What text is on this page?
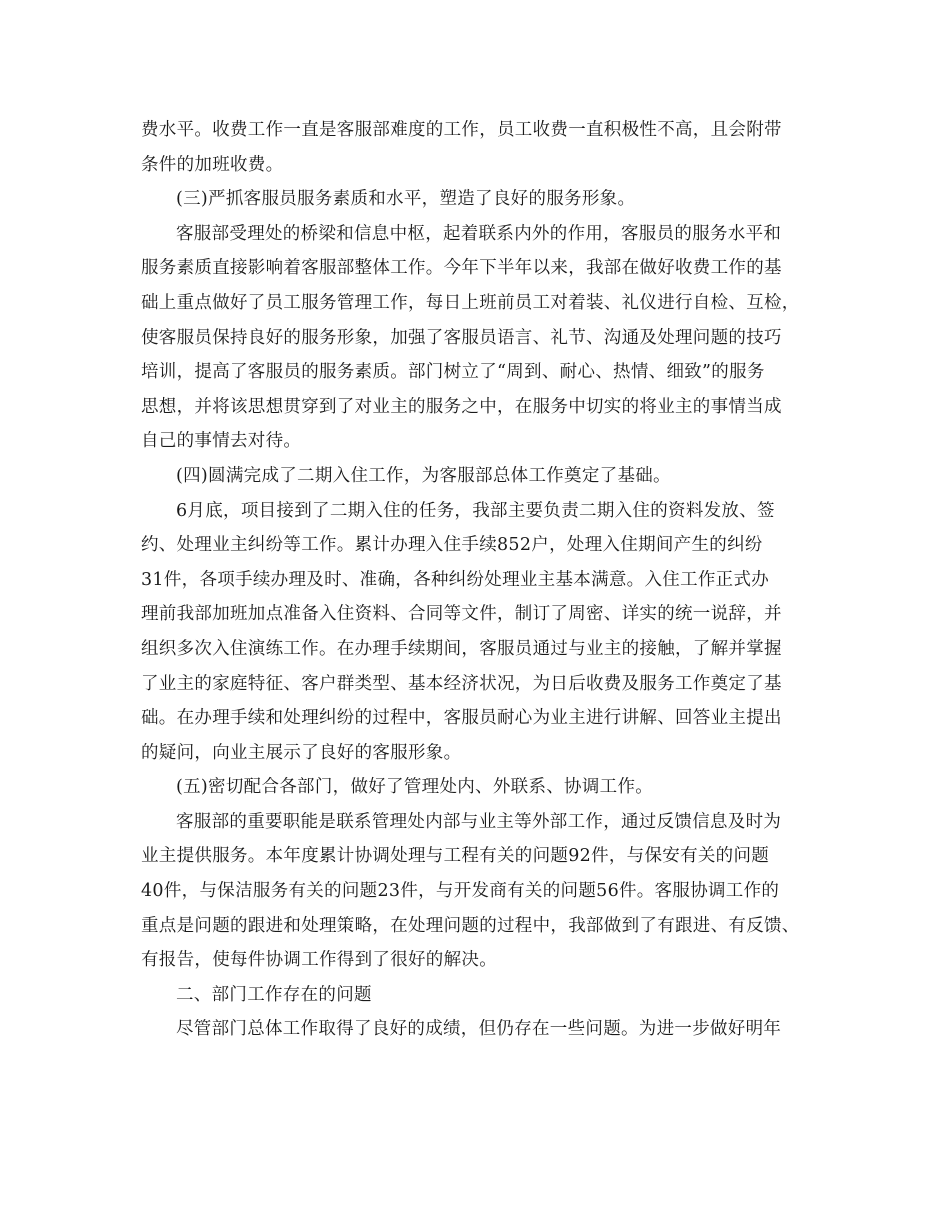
费水平。收费工作一直是客服部难度的工作，员工收费一直积极性不高，且会附带
条件的加班收费。
(三)严抓客服员服务素质和水平，塑造了良好的服务形象。
客服部受理处的桥梁和信息中枢，起着联系内外的作用，客服员的服务水平和
服务素质直接影响着客服部整体工作。今年下半年以来，我部在做好收费工作的基
础上重点做好了员工服务管理工作，每日上班前员工对着装、礼仪进行自检、互检，
使客服员保持良好的服务形象，加强了客服员语言、礼节、沟通及处理问题的技巧
培训，提高了客服员的服务素质。部门树立了“周到、耐心、热情、细致”的服务
思想，并将该思想贯穿到了对业主的服务之中，在服务中切实的将业主的事情当成
自己的事情去对待。
(四)圆满完成了二期入住工作，为客服部总体工作奠定了基础。
6月底，项目接到了二期入住的任务，我部主要负责二期入住的资料发放、签
约、处理业主纠纷等工作。累计办理入住手续852户，处理入住期间产生的纠纷
31件，各项手续办理及时、准确，各种纠纷处理业主基本满意。入住工作正式办
理前我部加班加点准备入住资料、合同等文件，制订了周密、详实的统一说辞，并
组织多次入住演练工作。在办理手续期间，客服员通过与业主的接触，了解并掌握
了业主的家庭特征、客户群类型、基本经济状况，为日后收费及服务工作奠定了基
础。在办理手续和处理纠纷的过程中，客服员耐心为业主进行讲解、回答业主提出
的疑问，向业主展示了良好的客服形象。
(五)密切配合各部门，做好了管理处内、外联系、协调工作。
客服部的重要职能是联系管理处内部与业主等外部工作，通过反馈信息及时为
业主提供服务。本年度累计协调处理与工程有关的问题92件，与保安有关的问题
40件，与保洁服务有关的问题23件，与开发商有关的问题56件。客服协调工作的
重点是问题的跟进和处理策略，在处理问题的过程中，我部做到了有跟进、有反馈、
有报告，使每件协调工作得到了很好的解决。
二、部门工作存在的问题
尽管部门总体工作取得了良好的成绩，但仍存在一些问题。为进一步做好明年
